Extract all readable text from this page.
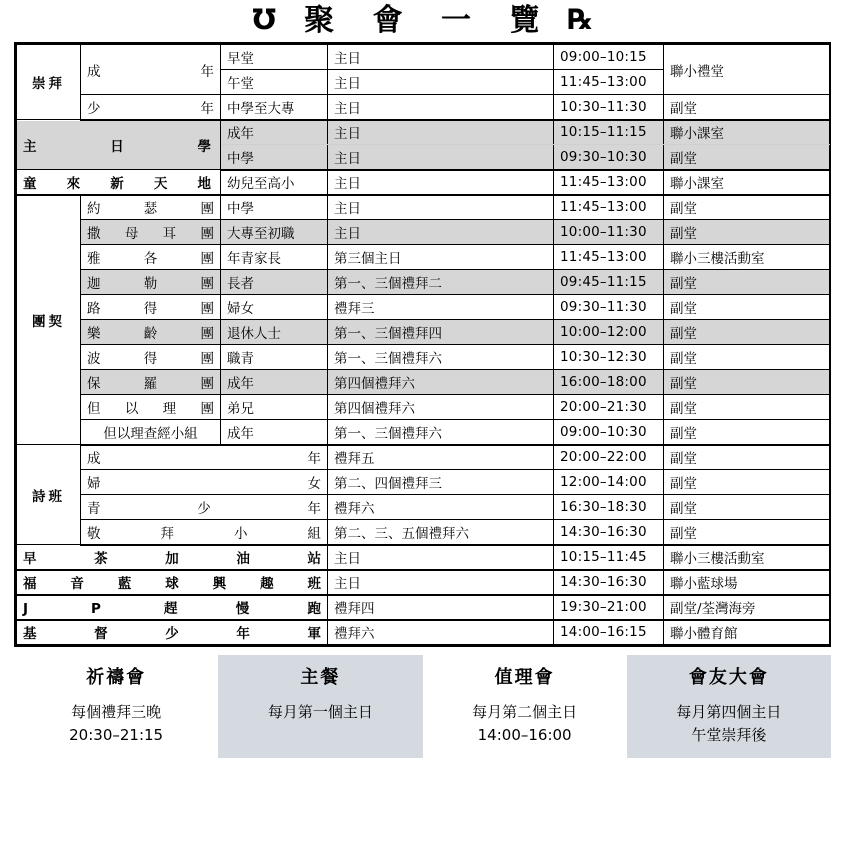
℧ 聚 會 一 覽 ℞
崇拜	成年	早堂	主日	09:00–10:15	聯小禮堂
		午堂	主日	11:45–13:00	
	少年	中學至大專	主日	10:30–11:30	副堂
主日學		成年	主日	10:15–11:15	聯小課室
		中學	主日	09:30–10:30	副堂
童來新天地		幼兒至高小	主日	11:45–13:00	聯小課室
團契	約瑟團	中學	主日	11:45–13:00	副堂
	撒母耳團	大專至初職	主日	10:00–11:30	副堂
	雅各團	年青家長	第三個主日	11:45–13:00	聯小三樓活動室
	迦勒團	長者	第一、三個禮拜二	09:45–11:15	副堂
	路得團	婦女	禮拜三	09:30–11:30	副堂
	樂齡團	退休人士	第一、三個禮拜四	10:00–12:00	副堂
	波得團	職青	第一、三個禮拜六	10:30–12:30	副堂
	保羅團	成年	第四個禮拜六	16:00–18:00	副堂
	但以理團	弟兄	第四個禮拜六	20:00–21:30	副堂
	但以理查經小組	成年	第一、三個禮拜六	09:00–10:30	副堂
詩班	成年		禮拜五	20:00–22:00	副堂
	婦女		第二、四個禮拜三	12:00–14:00	副堂
	青少年		禮拜六	16:30–18:30	副堂
	敬拜小組		第二、三、五個禮拜六	14:30–16:30	副堂
早茶加油站			主日	10:15–11:45	聯小三樓活動室
福音藍球興趣班			主日	14:30–16:30	聯小藍球場
J P 趕慢跑			禮拜四	19:30–21:00	副堂/荃灣海旁
基督少年軍			禮拜六	14:00–16:15	聯小體育館
祈禱會
每個禮拜三晚
20:30–21:15
主餐
每月第一個主日
值理會
每月第二個主日
14:00–16:00
會友大會
每月第四個主日
午堂崇拜後
